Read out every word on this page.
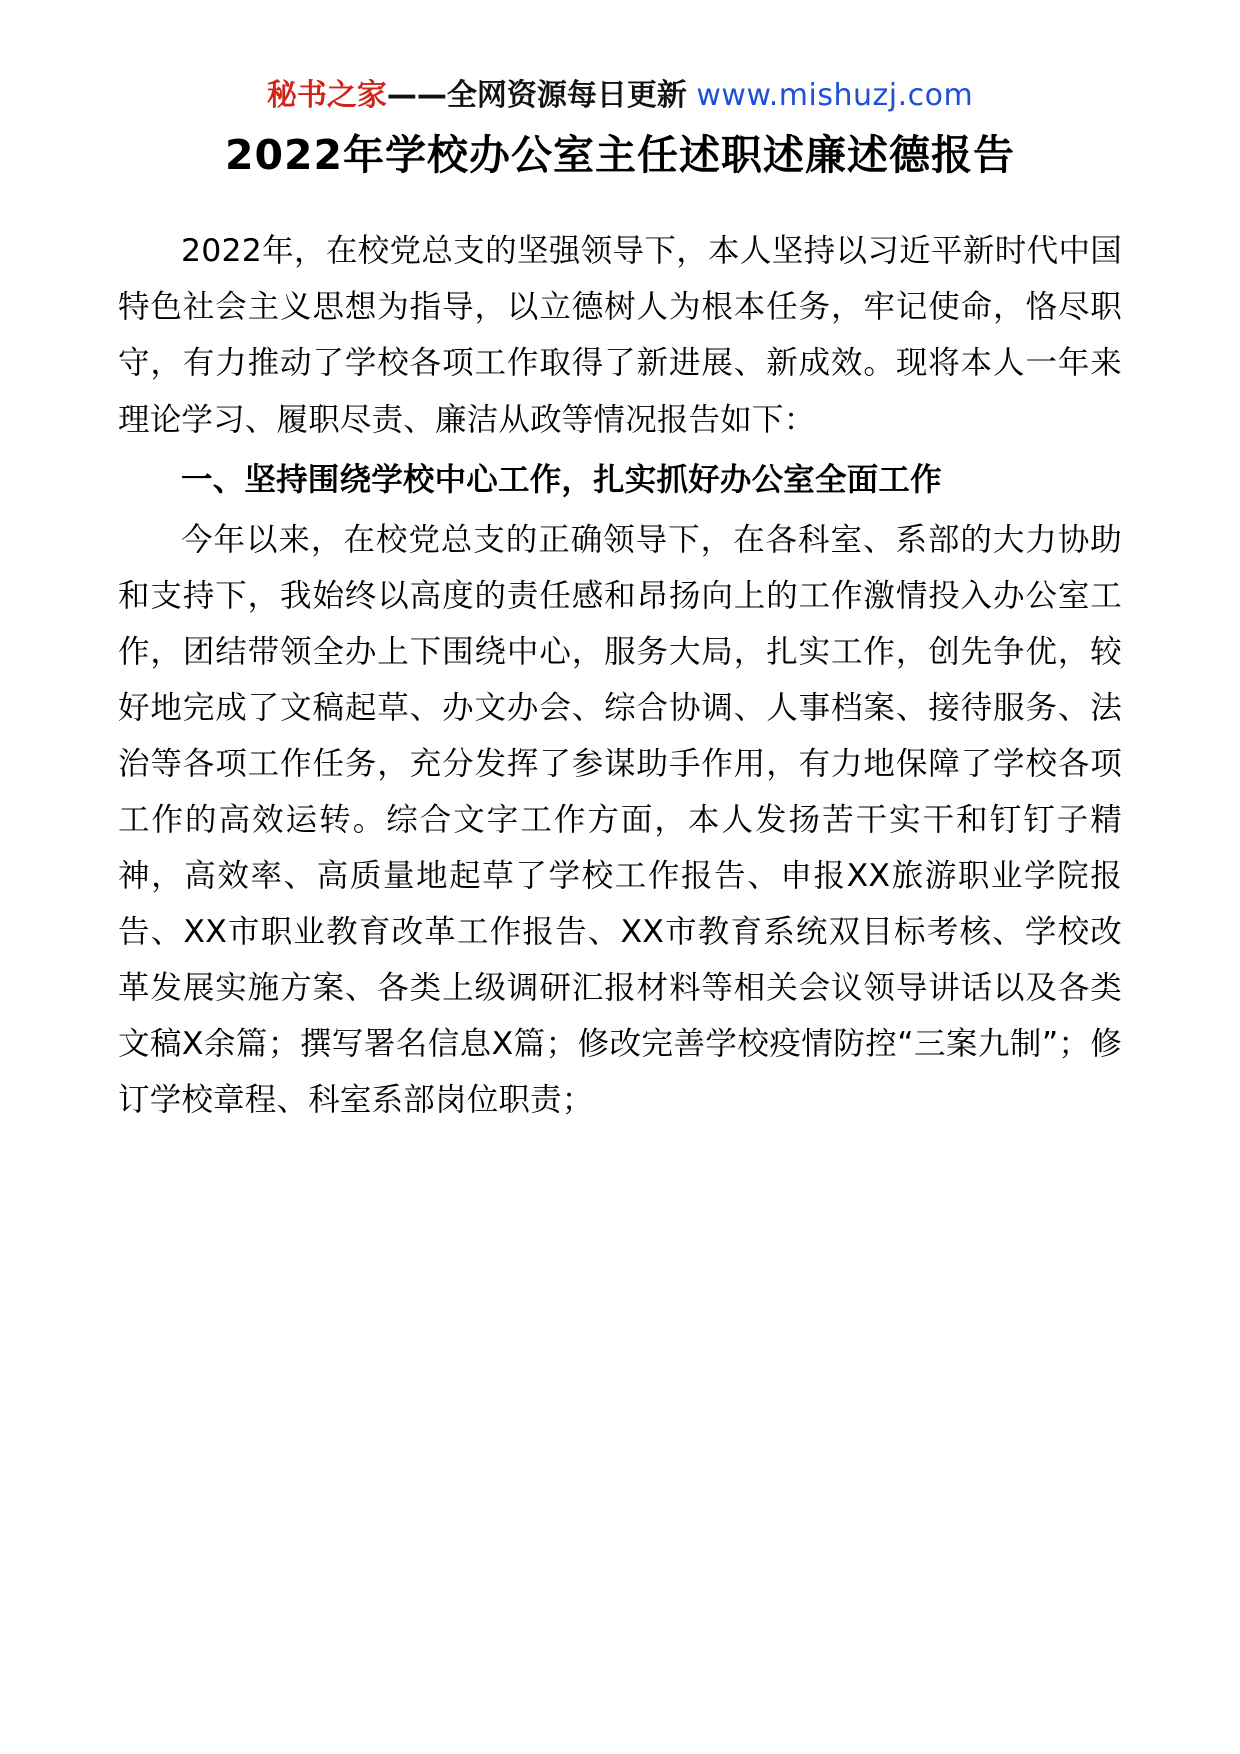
秘书之家——全网资源每日更新 www.mishuzj.com
2022年学校办公室主任述职述廉述德报告

2022年，在校党总支的坚强领导下，本人坚持以习近平新时代中国特色社会主义思想为指导，以立德树人为根本任务，牢记使命，恪尽职守，有力推动了学校各项工作取得了新进展、新成效。现将本人一年来理论学习、履职尽责、廉洁从政等情况报告如下：

一、坚持围绕学校中心工作，扎实抓好办公室全面工作

今年以来，在校党总支的正确领导下，在各科室、系部的大力协助和支持下，我始终以高度的责任感和昂扬向上的工作激情投入办公室工作，团结带领全办上下围绕中心，服务大局，扎实工作，创先争优，较好地完成了文稿起草、办文办会、综合协调、人事档案、接待服务、法治等各项工作任务，充分发挥了参谋助手作用，有力地保障了学校各项工作的高效运转。综合文字工作方面，本人发扬苦干实干和钉钉子精神，高效率、高质量地起草了学校工作报告、申报XX旅游职业学院报告、XX市职业教育改革工作报告、XX市教育系统双目标考核、学校改革发展实施方案、各类上级调研汇报材料等相关会议领导讲话以及各类文稿X余篇；撰写署名信息X篇；修改完善学校疫情防控“三案九制”；修订学校章程、科室系部岗位职责；
